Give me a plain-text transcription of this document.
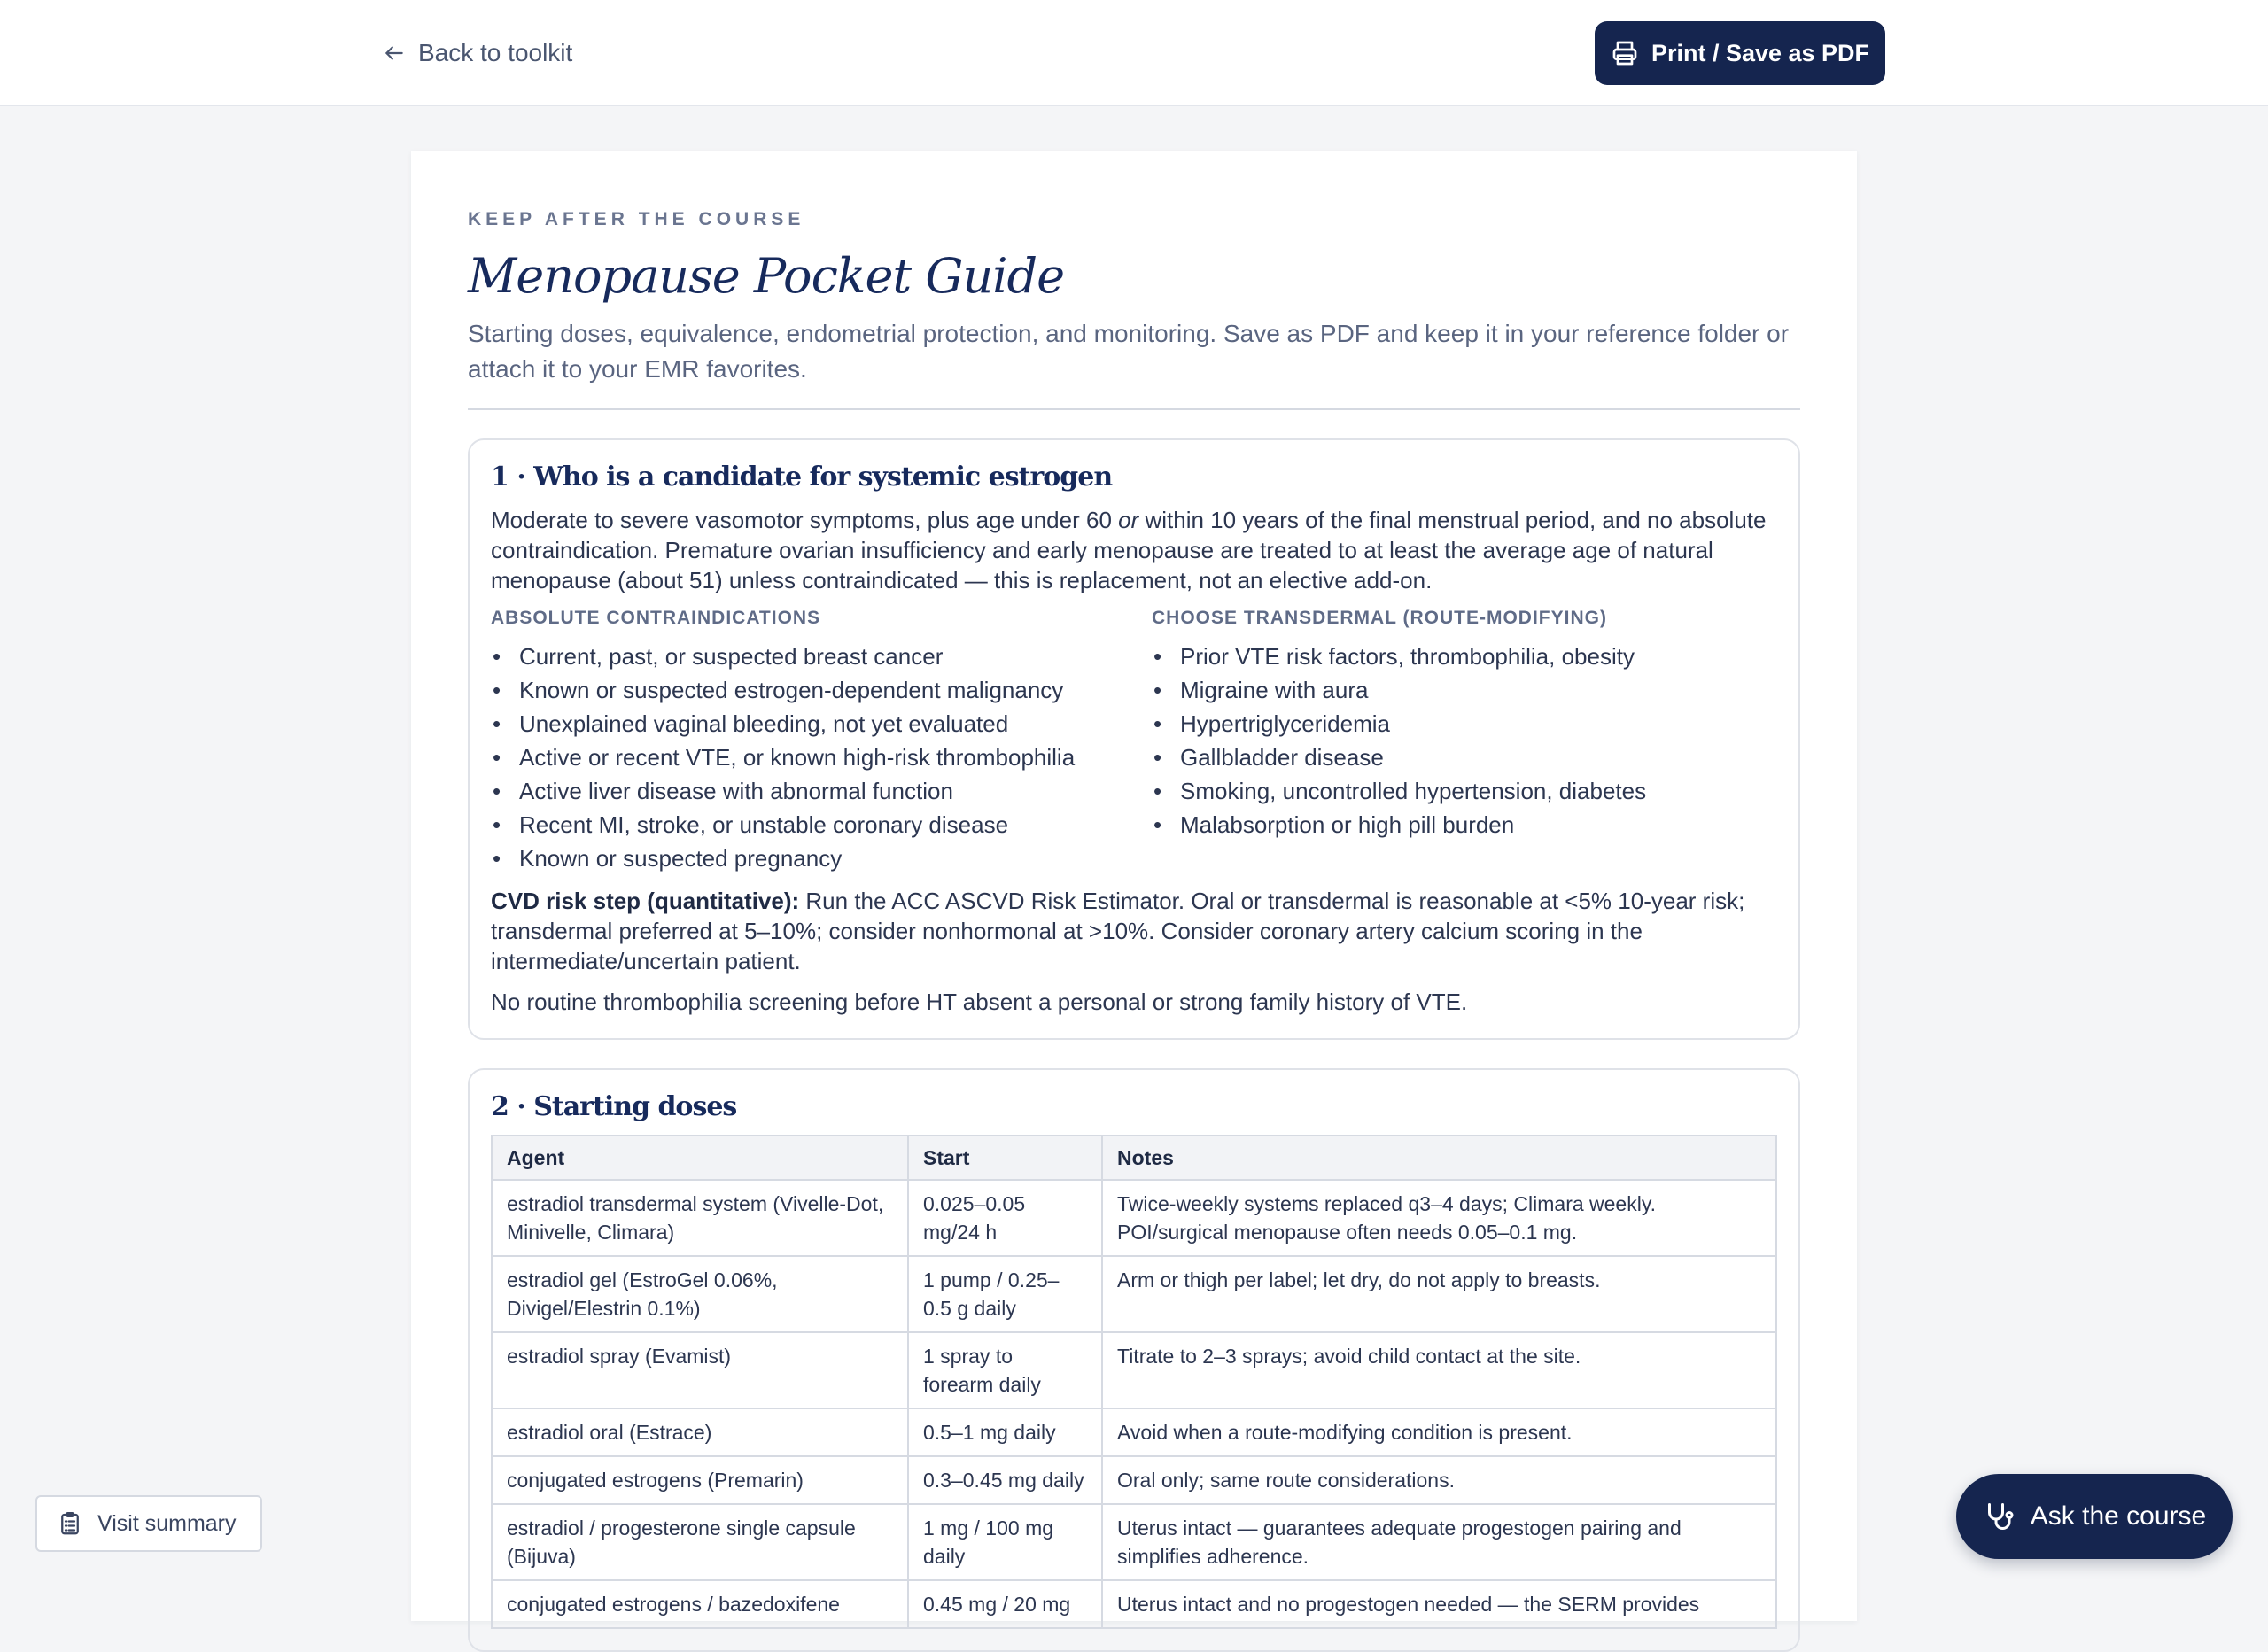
Back to toolkit	Print / Save as PDF
KEEP AFTER THE COURSE
Menopause Pocket Guide

Starting doses, equivalence, endometrial protection, and monitoring. Save as PDF and keep it in your reference folder or attach it to your EMR favorites.

1 · Who is a candidate for systemic estrogen

Moderate to severe vasomotor symptoms, plus age under 60 or within 10 years of the final menstrual period, and no absolute contraindication. Premature ovarian insufficiency and early menopause are treated to at least the average age of natural menopause (about 51) unless contraindicated — this is replacement, not an elective add-on.

ABSOLUTE CONTRAINDICATIONS
• Current, past, or suspected breast cancer
• Known or suspected estrogen-dependent malignancy
• Unexplained vaginal bleeding, not yet evaluated
• Active or recent VTE, or known high-risk thrombophilia
• Active liver disease with abnormal function
• Recent MI, stroke, or unstable coronary disease
• Known or suspected pregnancy
CHOOSE TRANSDERMAL (ROUTE-MODIFYING)
• Prior VTE risk factors, thrombophilia, obesity
• Migraine with aura
• Hypertriglyceridemia
• Gallbladder disease
• Smoking, uncontrolled hypertension, diabetes
• Malabsorption or high pill burden

CVD risk step (quantitative): Run the ACC ASCVD Risk Estimator. Oral or transdermal is reasonable at <5% 10-year risk; transdermal preferred at 5–10%; consider nonhormonal at >10%. Consider coronary artery calcium scoring in the intermediate/uncertain patient.

No routine thrombophilia screening before HT absent a personal or strong family history of VTE.

2 · Starting doses
Agent	Start	Notes
estradiol transdermal system (Vivelle-Dot, Minivelle, Climara)	0.025–0.05 mg/24 h	Twice-weekly systems replaced q3–4 days; Climara weekly. POI/surgical menopause often needs 0.05–0.1 mg.
estradiol gel (EstroGel 0.06%, Divigel/Elestrin 0.1%)	1 pump / 0.25–0.5 g daily	Arm or thigh per label; let dry, do not apply to breasts.
estradiol spray (Evamist)	1 spray to forearm daily	Titrate to 2–3 sprays; avoid child contact at the site.
estradiol oral (Estrace)	0.5–1 mg daily	Avoid when a route-modifying condition is present.
conjugated estrogens (Premarin)	0.3–0.45 mg daily	Oral only; same route considerations.
estradiol / progesterone single capsule (Bijuva)	1 mg / 100 mg daily	Uterus intact — guarantees adequate progestogen pairing and simplifies adherence.
conjugated estrogens / bazedoxifene	0.45 mg / 20 mg	Uterus intact and no progestogen needed — the SERM provides
Visit summary	Ask the course
